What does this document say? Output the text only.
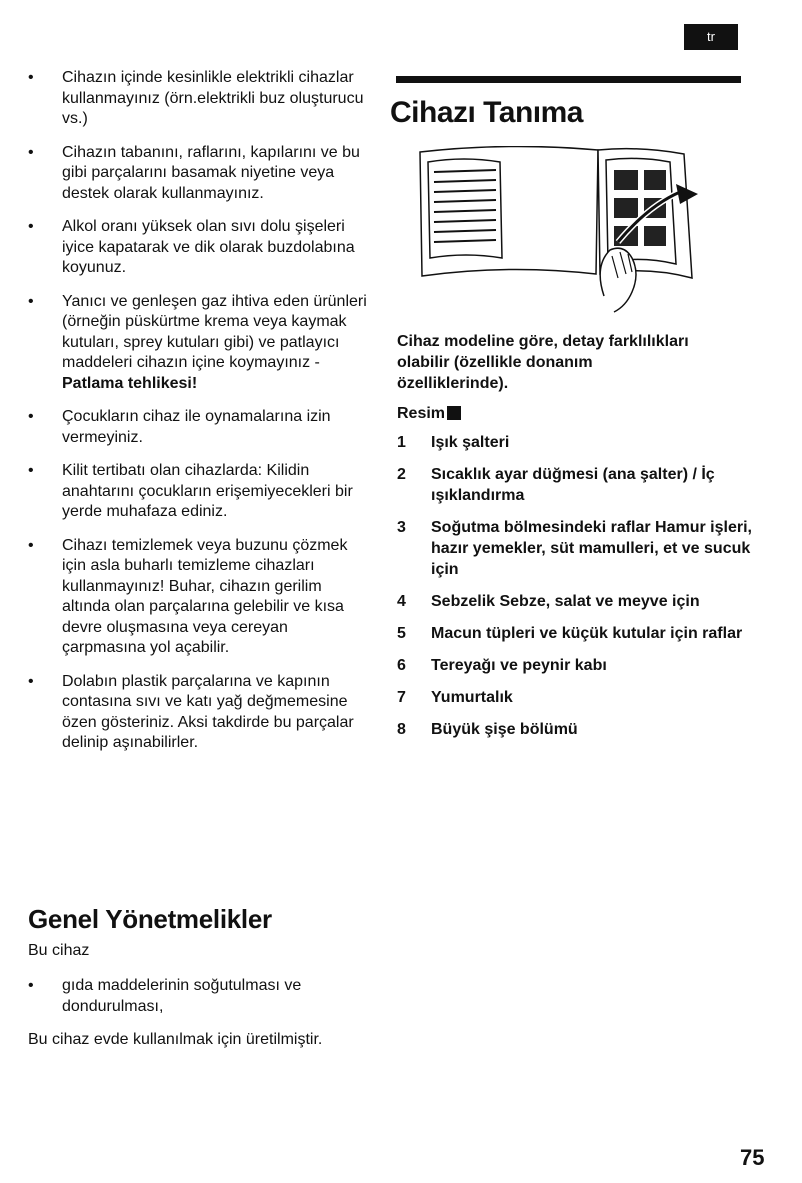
tr
• Cihazın içinde kesinlikle elektrikli cihazlar kullanmayınız (örn.elektrikli buz oluşturucu vs.)
• Cihazın tabanını, raflarını, kapılarını ve bu gibi parçalarını basamak niyetine veya destek olarak kullanmayınız.
• Alkol oranı yüksek olan sıvı dolu şişeleri iyice kapatarak ve dik olarak buzdolabına koyunuz.
• Yanıcı ve genleşen gaz ihtiva eden ürünleri (örneğin püskürtme krema veya kaymak kutuları, sprey kutuları gibi) ve patlayıcı maddeleri cihazın içine koymayınız - Patlama tehlikesi!
• Çocukların cihaz ile oynamalarına izin vermeyiniz.
• Kilit tertibatı olan cihazlarda: Kilidin anahtarını çocukların erişemiyecekleri bir yerde muhafaza ediniz.
• Cihazı temizlemek veya buzunu çözmek için asla buharlı temizleme cihazları kullanmayınız! Buhar, cihazın gerilim altında olan parçalarına gelebilir ve kısa devre oluşmasına veya cereyan çarpmasına yol açabilir.
• Dolabın plastik parçalarına ve kapının contasına sıvı ve katı yağ değmemesine özen gösteriniz. Aksi takdirde bu parçalar delinip aşınabilirler.
Genel Yönetmelikler
Bu cihaz
• gıda maddelerinin soğutulması ve dondurulması,
Bu cihaz evde kullanılmak için üretilmiştir.
Cihazı Tanıma
Cihaz modeline göre, detay farklılıkları olabilir (özellikle donanım özelliklerinde).
Resim
1	Işık şalteri
2	Sıcaklık ayar düğmesi (ana şalter) / İç ışıklandırma
3	Soğutma bölmesindeki raflar Hamur işleri, hazır yemekler, süt mamulleri, et ve sucuk için
4	Sebzelik Sebze, salat ve meyve için
5	Macun tüpleri ve küçük kutular için raflar
6	Tereyağı ve peynir kabı
7	Yumurtalık
8	Büyük şişe bölümü
75
